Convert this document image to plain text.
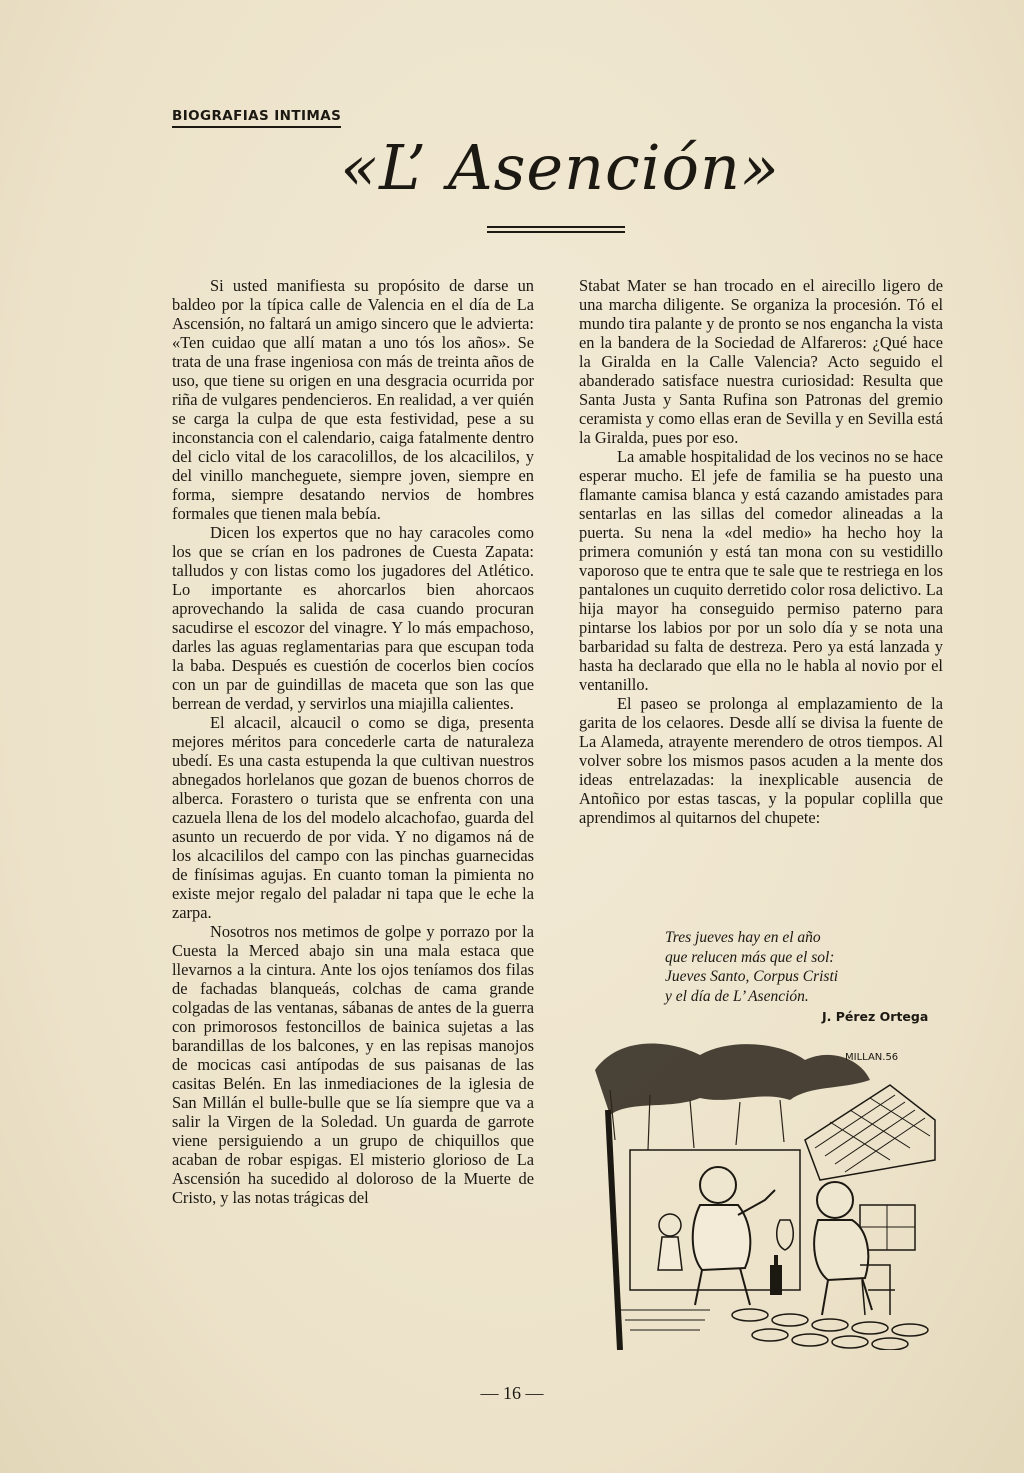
BIOGRAFIAS INTIMAS
«L’ Asención»

Si usted manifiesta su propósito de darse un baldeo por la típica calle de Valencia en el día de La Ascensión, no faltará un amigo sincero que le advierta: «Ten cuidao que allí matan a uno tós los años». Se trata de una frase ingeniosa con más de treinta años de uso, que tiene su origen en una desgracia ocurrida por riña de vulgares pendencieros. En realidad, a ver quién se carga la culpa de que esta festividad, pese a su inconstancia con el calendario, caiga fatalmente dentro del ciclo vital de los caracolillos, de los alcacililos, y del vinillo mancheguete, siempre joven, siempre en forma, siempre desatando nervios de hombres formales que tienen mala bebía.

Dicen los expertos que no hay caracoles como los que se crían en los padrones de Cuesta Zapata: talludos y con listas como los jugadores del Atlético. Lo importante es ahorcarlos bien ahorcaos aprovechando la salida de casa cuando procuran sacudirse el escozor del vinagre. Y lo más empachoso, darles las aguas reglamentarias para que escupan toda la baba. Después es cuestión de cocerlos bien cocíos con un par de guindillas de maceta que son las que berrean de verdad, y servirlos una miajilla calientes.

El alcacil, alcaucil o como se diga, presenta mejores méritos para concederle carta de naturaleza ubedí. Es una casta estupenda la que cultivan nuestros abnegados horlelanos que gozan de buenos chorros de alberca. Forastero o turista que se enfrenta con una cazuela llena de los del modelo alcachofao, guarda del asunto un recuerdo de por vida. Y no digamos ná de los alcacililos del campo con las pinchas guarnecidas de finísimas agujas. En cuanto toman la pimienta no existe mejor regalo del paladar ni tapa que le eche la zarpa.

Nosotros nos metimos de golpe y porrazo por la Cuesta la Merced abajo sin una mala estaca que llevarnos a la cintura. Ante los ojos teníamos dos filas de fachadas blanqueás, colchas de cama grande colgadas de las ventanas, sábanas de antes de la guerra con primorosos festoncillos de bainica sujetas a las barandillas de los balcones, y en las repisas manojos de mocicas casi antípodas de sus paisanas de las casitas Belén. En las inmediaciones de la iglesia de San Millán el bulle-bulle que se lía siempre que va a salir la Virgen de la Soledad. Un guarda de garrote viene persiguiendo a un grupo de chiquillos que acaban de robar espigas. El misterio glorioso de La Ascensión ha sucedido al doloroso de la Muerte de Cristo, y las notas trágicas del

Stabat Mater se han trocado en el airecillo ligero de una marcha diligente. Se organiza la procesión. Tó el mundo tira palante y de pronto se nos engancha la vista en la bandera de la Sociedad de Alfareros: ¿Qué hace la Giralda en la Calle Valencia? Acto seguido el abanderado satisface nuestra curiosidad: Resulta que Santa Justa y Santa Rufina son Patronas del gremio ceramista y como ellas eran de Sevilla y en Sevilla está la Giralda, pues por eso.

La amable hospitalidad de los vecinos no se hace esperar mucho. El jefe de familia se ha puesto una flamante camisa blanca y está cazando amistades para sentarlas en las sillas del comedor alineadas a la puerta. Su nena la «del medio» ha hecho hoy la primera comunión y está tan mona con su vestidillo vaporoso que te entra que te sale que te restriega en los pantalones un cuquito derretido color rosa delictivo. La hija mayor ha conseguido permiso paterno para pintarse los labios por por un solo día y se nota una barbaridad su falta de destreza. Pero ya está lanzada y hasta ha declarado que ella no le habla al novio por el ventanillo.

El paseo se prolonga al emplazamiento de la garita de los celaores. Desde allí se divisa la fuente de La Alameda, atrayente merendero de otros tiempos. Al volver sobre los mismos pasos acuden a la mente dos ideas entrelazadas: la inexplicable ausencia de Antoñico por estas tascas, y la popular coplilla que aprendimos al quitarnos del chupete:

Tres jueves hay en el año
que relucen más que el sol:
Jueves Santo, Corpus Cristi
y el día de L’ Asención.
J. Pérez Ortega
MILLAN.56
— 16 —
